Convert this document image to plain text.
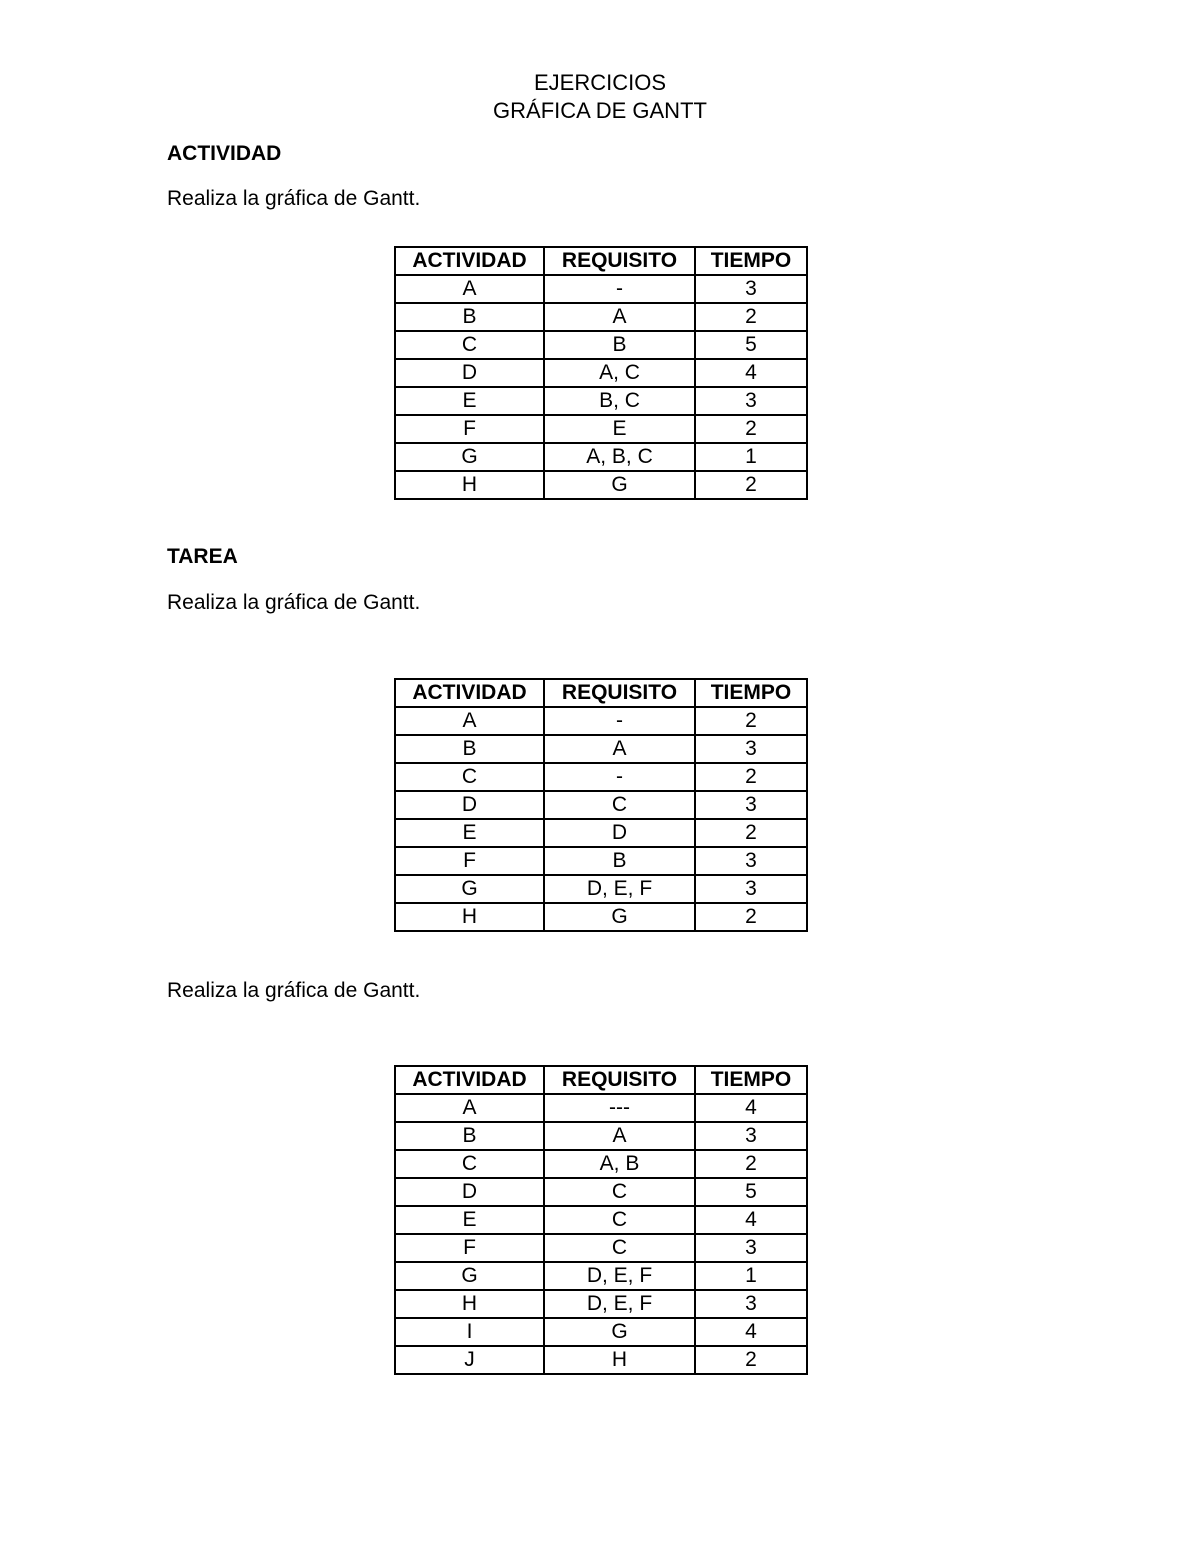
EJERCICIOS
GRÁFICA DE GANTT
ACTIVIDAD
Realiza la gráfica de Gantt.
ACTIVIDAD	REQUISITO	TIEMPO
A	-	3
B	A	2
C	B	5
D	A, C	4
E	B, C	3
F	E	2
G	A, B, C	1
H	G	2
TAREA
Realiza la gráfica de Gantt.
ACTIVIDAD	REQUISITO	TIEMPO
A	-	2
B	A	3
C	-	2
D	C	3
E	D	2
F	B	3
G	D, E, F	3
H	G	2
Realiza la gráfica de Gantt.
ACTIVIDAD	REQUISITO	TIEMPO
A	---	4
B	A	3
C	A, B	2
D	C	5
E	C	4
F	C	3
G	D, E, F	1
H	D, E, F	3
I	G	4
J	H	2
